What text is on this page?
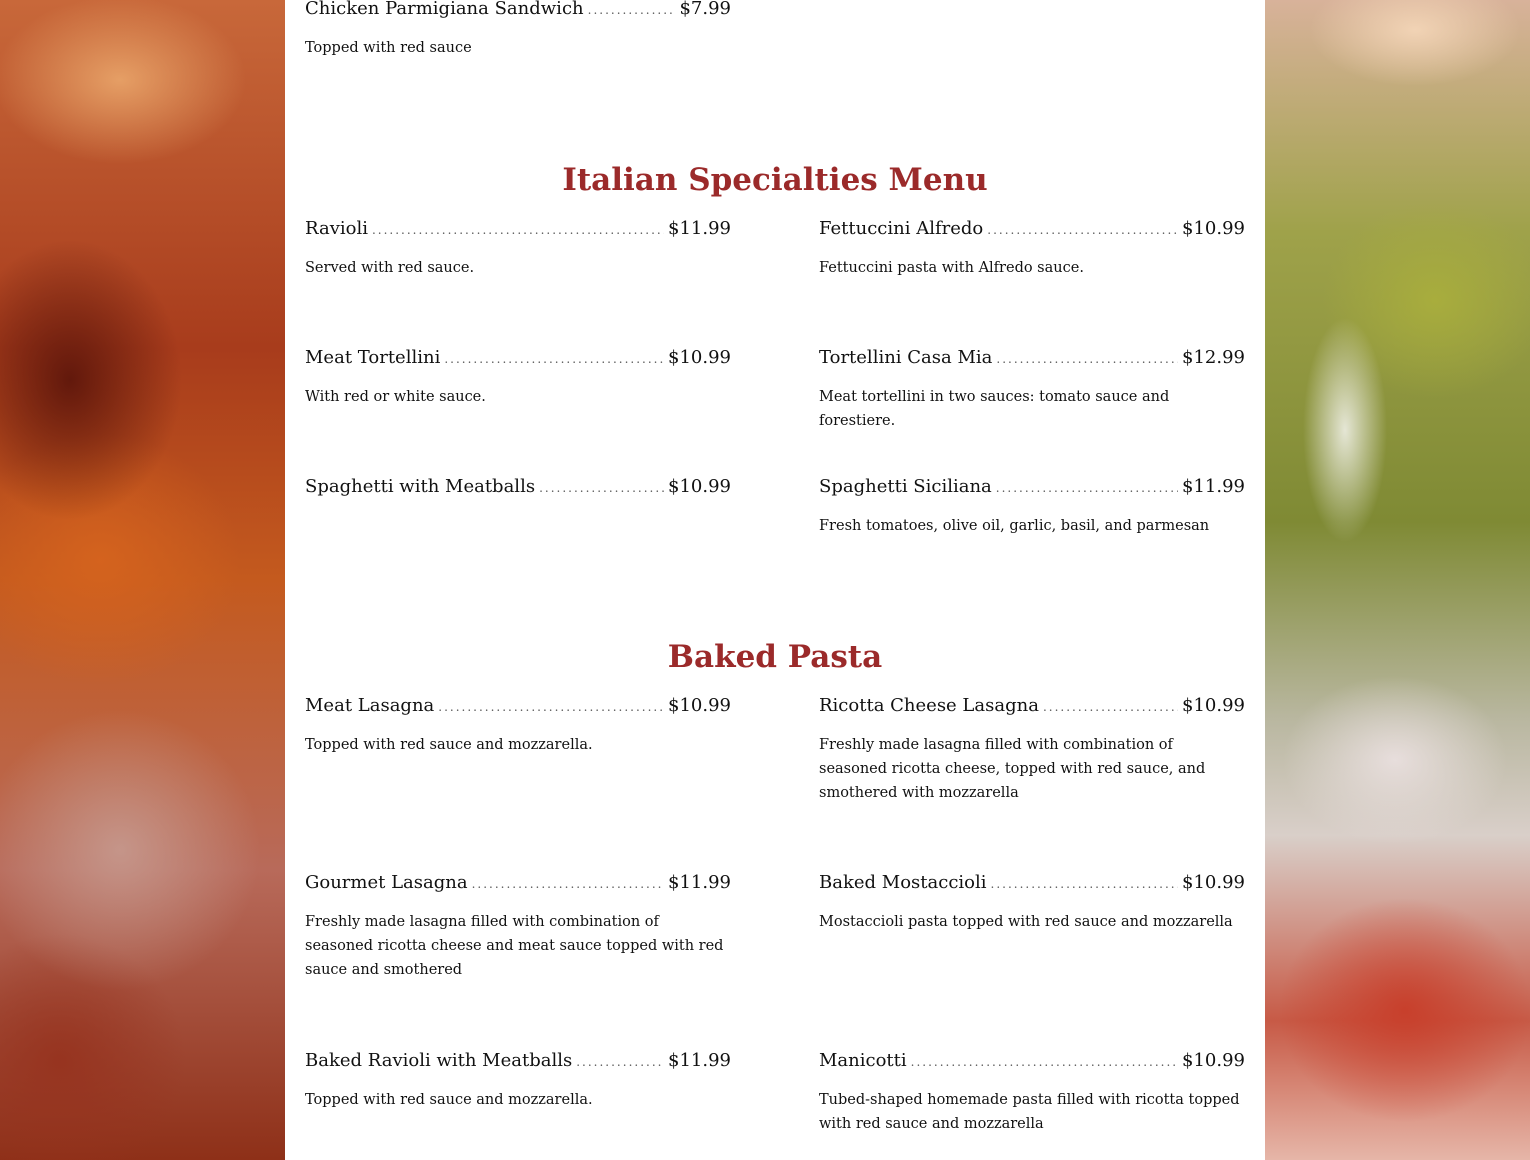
Chicken Parmigiana Sandwich .....	$7.99
Topped with red sauce
Italian Specialties Menu
Ravioli .....	$11.99
Served with red sauce.
Fettuccini Alfredo .....	$10.99
Fettuccini pasta with Alfredo sauce.
Meat Tortellini .....	$10.99
With red or white sauce.
Tortellini Casa Mia .....	$12.99
Meat tortellini in two sauces: tomato sauce and forestiere.
Spaghetti with Meatballs .....	$10.99	Spaghetti Siciliana .....	$11.99
Fresh tomatoes, olive oil, garlic, basil, and parmesan
Baked Pasta
Meat Lasagna .....	$10.99
Topped with red sauce and mozzarella.
Ricotta Cheese Lasagna .....	$10.99
Freshly made lasagna filled with combination of seasoned ricotta cheese, topped with red sauce, and smothered with mozzarella
Gourmet Lasagna .....	$11.99
Freshly made lasagna filled with combination of seasoned ricotta cheese and meat sauce topped with red sauce and smothered
Baked Mostaccioli .....	$10.99
Mostaccioli pasta topped with red sauce and mozzarella
Baked Ravioli with Meatballs .....	$11.99
Topped with red sauce and mozzarella.
Manicotti .....	$10.99
Tubed-shaped homemade pasta filled with ricotta topped with red sauce and mozzarella
